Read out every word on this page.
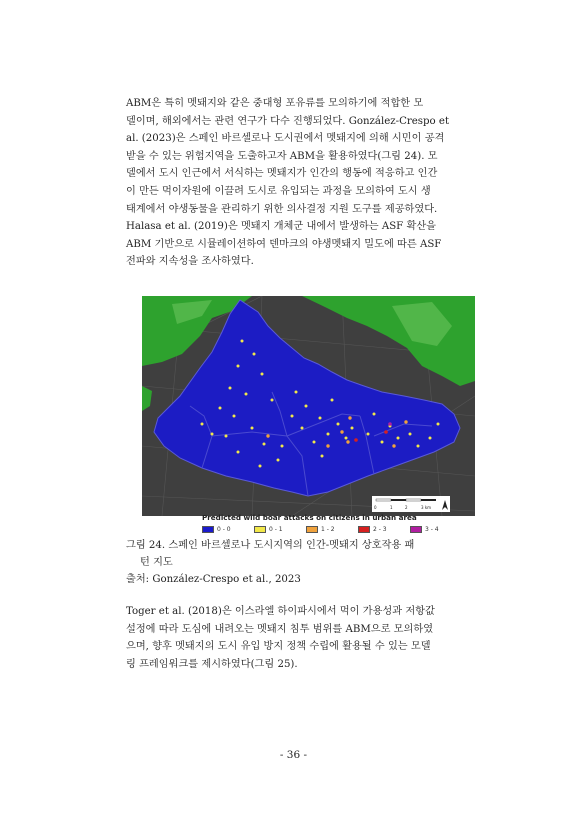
ABM은 특히 멧돼지와 같은 중대형 포유류를 모의하기에 적합한 모
델이며, 해외에서는 관련 연구가 다수 진행되었다. González-Crespo et
al. (2023)은 스페인 바르셀로나 도시권에서 멧돼지에 의해 시민이 공격
받을 수 있는 위험지역을 도출하고자 ABM을 활용하였다(그림 24). 모
델에서 도시 인근에서 서식하는 멧돼지가 인간의 행동에 적응하고 인간
이 만든 먹이자원에 이끌려 도시로 유입되는 과정을 모의하여 도시 생
태계에서 야생동물을 관리하기 위한 의사결정 지원 도구를 제공하였다.
Halasa et al. (2019)은 멧돼지 개체군 내에서 발생하는 ASF 확산을
ABM 기반으로 시뮬레이션하여 덴마크의 야생멧돼지 밀도에 따른 ASF
전파와 지속성을 조사하였다.
0	1	2	3 km
Predicted wild boar attacks on citizens in urban area
0 - 0	0 - 1	1 - 2	2 - 3	3 - 4

그림 24. 스페인 바르셀로나 도시지역의 인간-멧돼지 상호작용 패

턴 지도

출처: González-Crespo et al., 2023

Toger et al. (2018)은 이스라엘 하이파시에서 먹이 가용성과 저항값
설정에 따라 도심에 내려오는 멧돼지 침투 범위를 ABM으로 모의하였
으며, 향후 멧돼지의 도시 유입 방지 정책 수립에 활용될 수 있는 모델
링 프레임워크를 제시하였다(그림 25).
- 36 -
